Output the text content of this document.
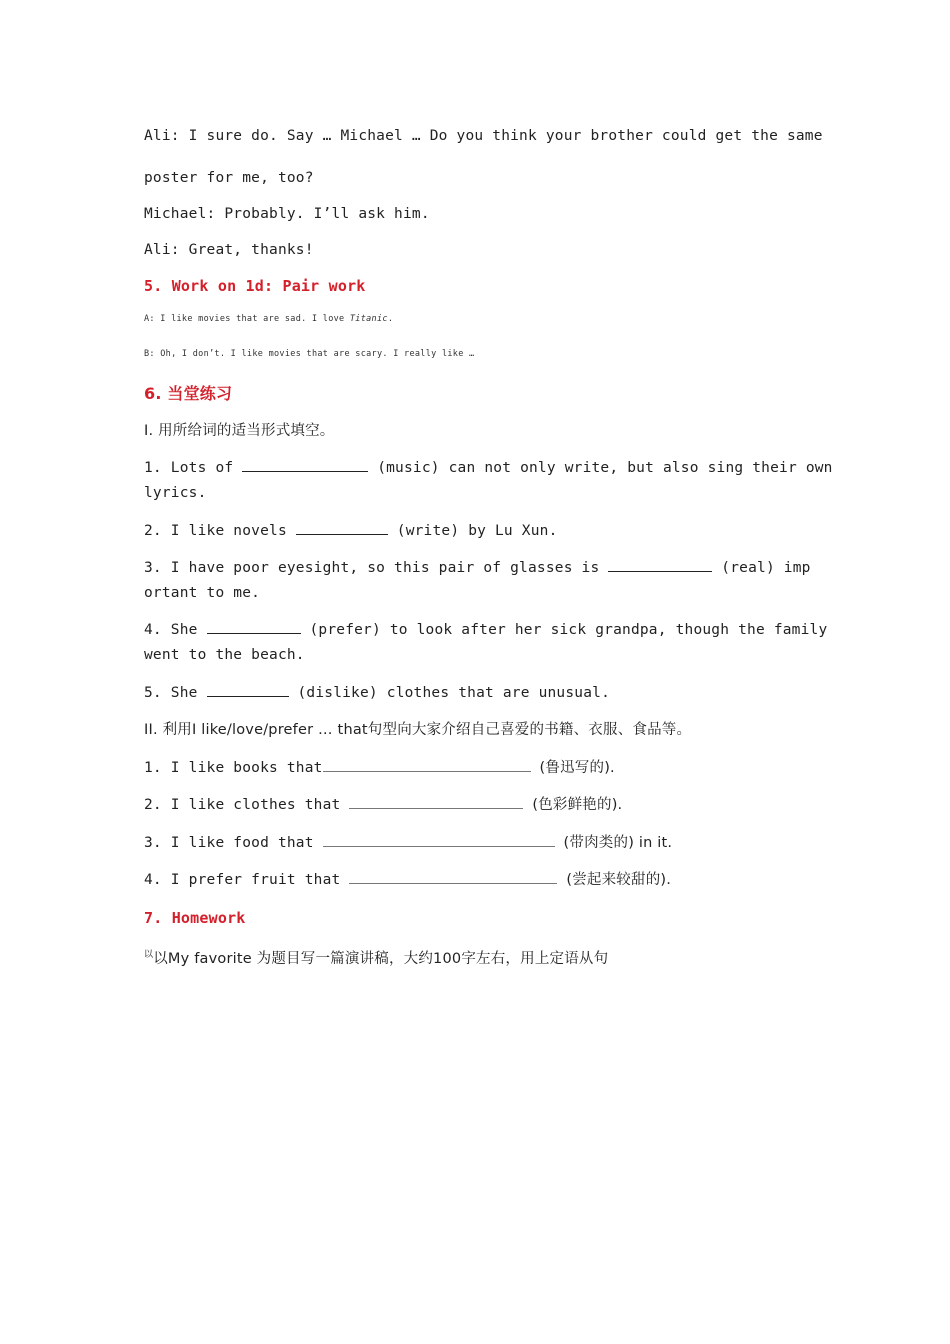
Ali: I sure do. Say … Michael … Do you think your brother could get the same
poster for me, too?
Michael: Probably. I’ll ask him.
Ali: Great, thanks!
5. Work on 1d: Pair work
A: I like movies that are sad. I love Titanic.
B: Oh, I don’t. I like movies that are scary. I really like …
6. 当堂练习
I. 用所给词的适当形式填空。
1. Lots of	(music) can not only write, but also sing their own
lyrics.
2. I like novels	(write) by Lu Xun.
3. I have poor eyesight, so this pair of glasses is	(real) imp
ortant to me.
4. She	(prefer) to look after her sick grandpa, though the family
went to the beach.
5. She	(dislike) clothes that are unusual.
II. 利用I like/love/prefer … that句型向大家介绍自己喜爱的书籍、衣服、食品等。
1. I like books that	(鲁迅写的).
2. I like clothes that	(色彩鲜艳的).
3. I like food that	(带肉类的) in it.
4. I prefer fruit that	(尝起来较甜的).
7. Homework
$^以$以My favorite 为题目写一篇演讲稿，大约100字左右，用上定语从句
